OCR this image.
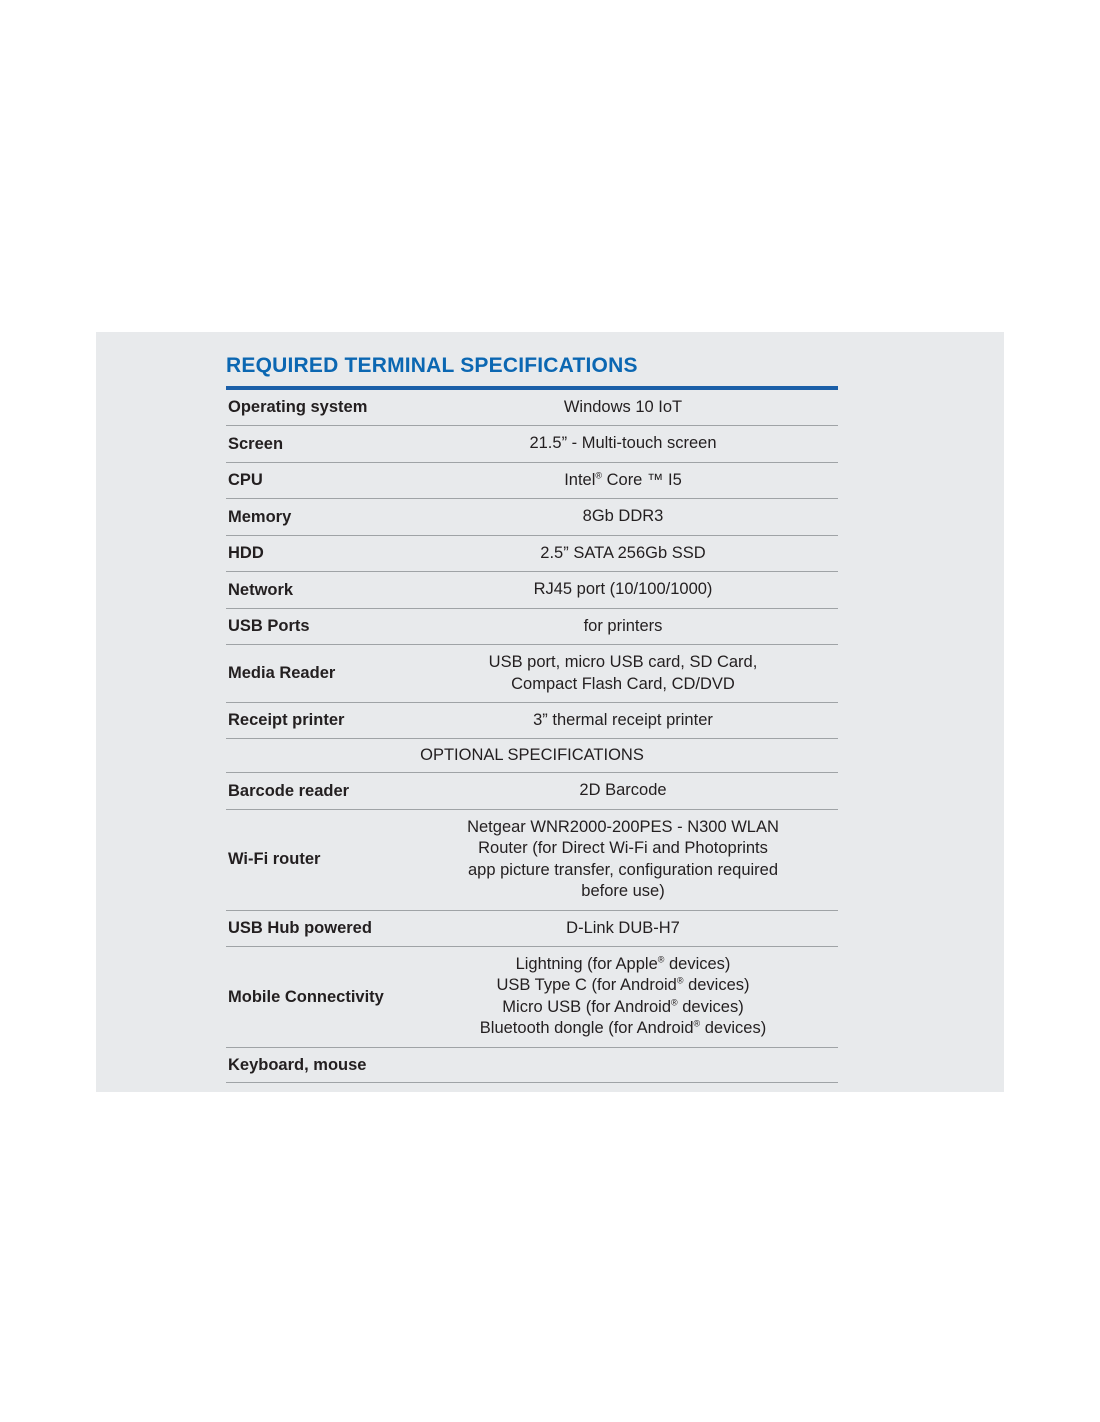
REQUIRED TERMINAL SPECIFICATIONS
Operating system	Windows 10 IoT
Screen	21.5” - Multi-touch screen
CPU	Intel® Core ™ I5
Memory	8Gb DDR3
HDD	2.5” SATA 256Gb SSD
Network	RJ45 port (10/100/1000)
USB Ports	for printers
Media Reader	USB port, micro USB card, SD Card,
Compact Flash Card, CD/DVD
Receipt printer	3” thermal receipt printer
OPTIONAL SPECIFICATIONS	
Barcode reader	2D Barcode
Wi-Fi router	Netgear WNR2000-200PES - N300 WLAN
Router (for Direct Wi-Fi and Photoprints
app picture transfer, configuration required
before use)
USB Hub powered	D-Link DUB-H7
Mobile Connectivity	Lightning (for Apple® devices)
USB Type C (for Android® devices)
Micro USB (for Android® devices)
Bluetooth dongle (for Android® devices)
Keyboard, mouse	
